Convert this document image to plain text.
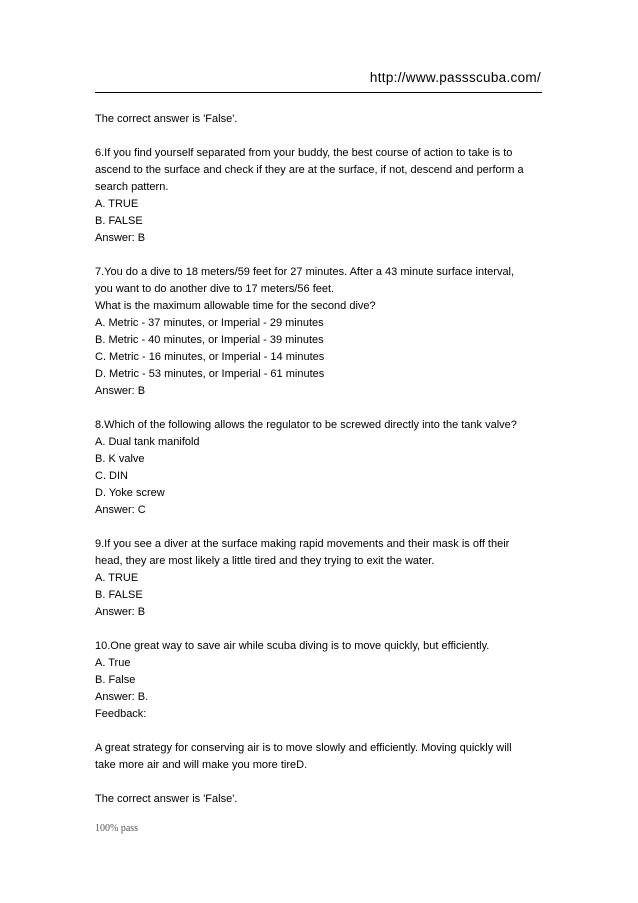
http://www.passscuba.com/
The correct answer is 'False'.
6.If you find yourself separated from your buddy, the best course of action to take is to
ascend to the surface and check if they are at the surface, if not, descend and perform a
search pattern.
A. TRUE
B. FALSE
Answer: B
7.You do a dive to 18 meters/59 feet for 27 minutes. After a 43 minute surface interval,
you want to do another dive to 17 meters/56 feet.
What is the maximum allowable time for the second dive?
A. Metric - 37 minutes, or Imperial - 29 minutes
B. Metric - 40 minutes, or Imperial - 39 minutes
C. Metric - 16 minutes, or Imperial - 14 minutes
D. Metric - 53 minutes, or Imperial - 61 minutes
Answer: B
8.Which of the following allows the regulator to be screwed directly into the tank valve?
A. Dual tank manifold
B. K valve
C. DIN
D. Yoke screw
Answer: C
9.If you see a diver at the surface making rapid movements and their mask is off their
head, they are most likely a little tired and they trying to exit the water.
A. TRUE
B. FALSE
Answer: B
10.One great way to save air while scuba diving is to move quickly, but efficiently.
A. True
B. False
Answer: B.
Feedback:
A great strategy for conserving air is to move slowly and efficiently. Moving quickly will
take more air and will make you more tireD.
The correct answer is 'False'.
100% pass
